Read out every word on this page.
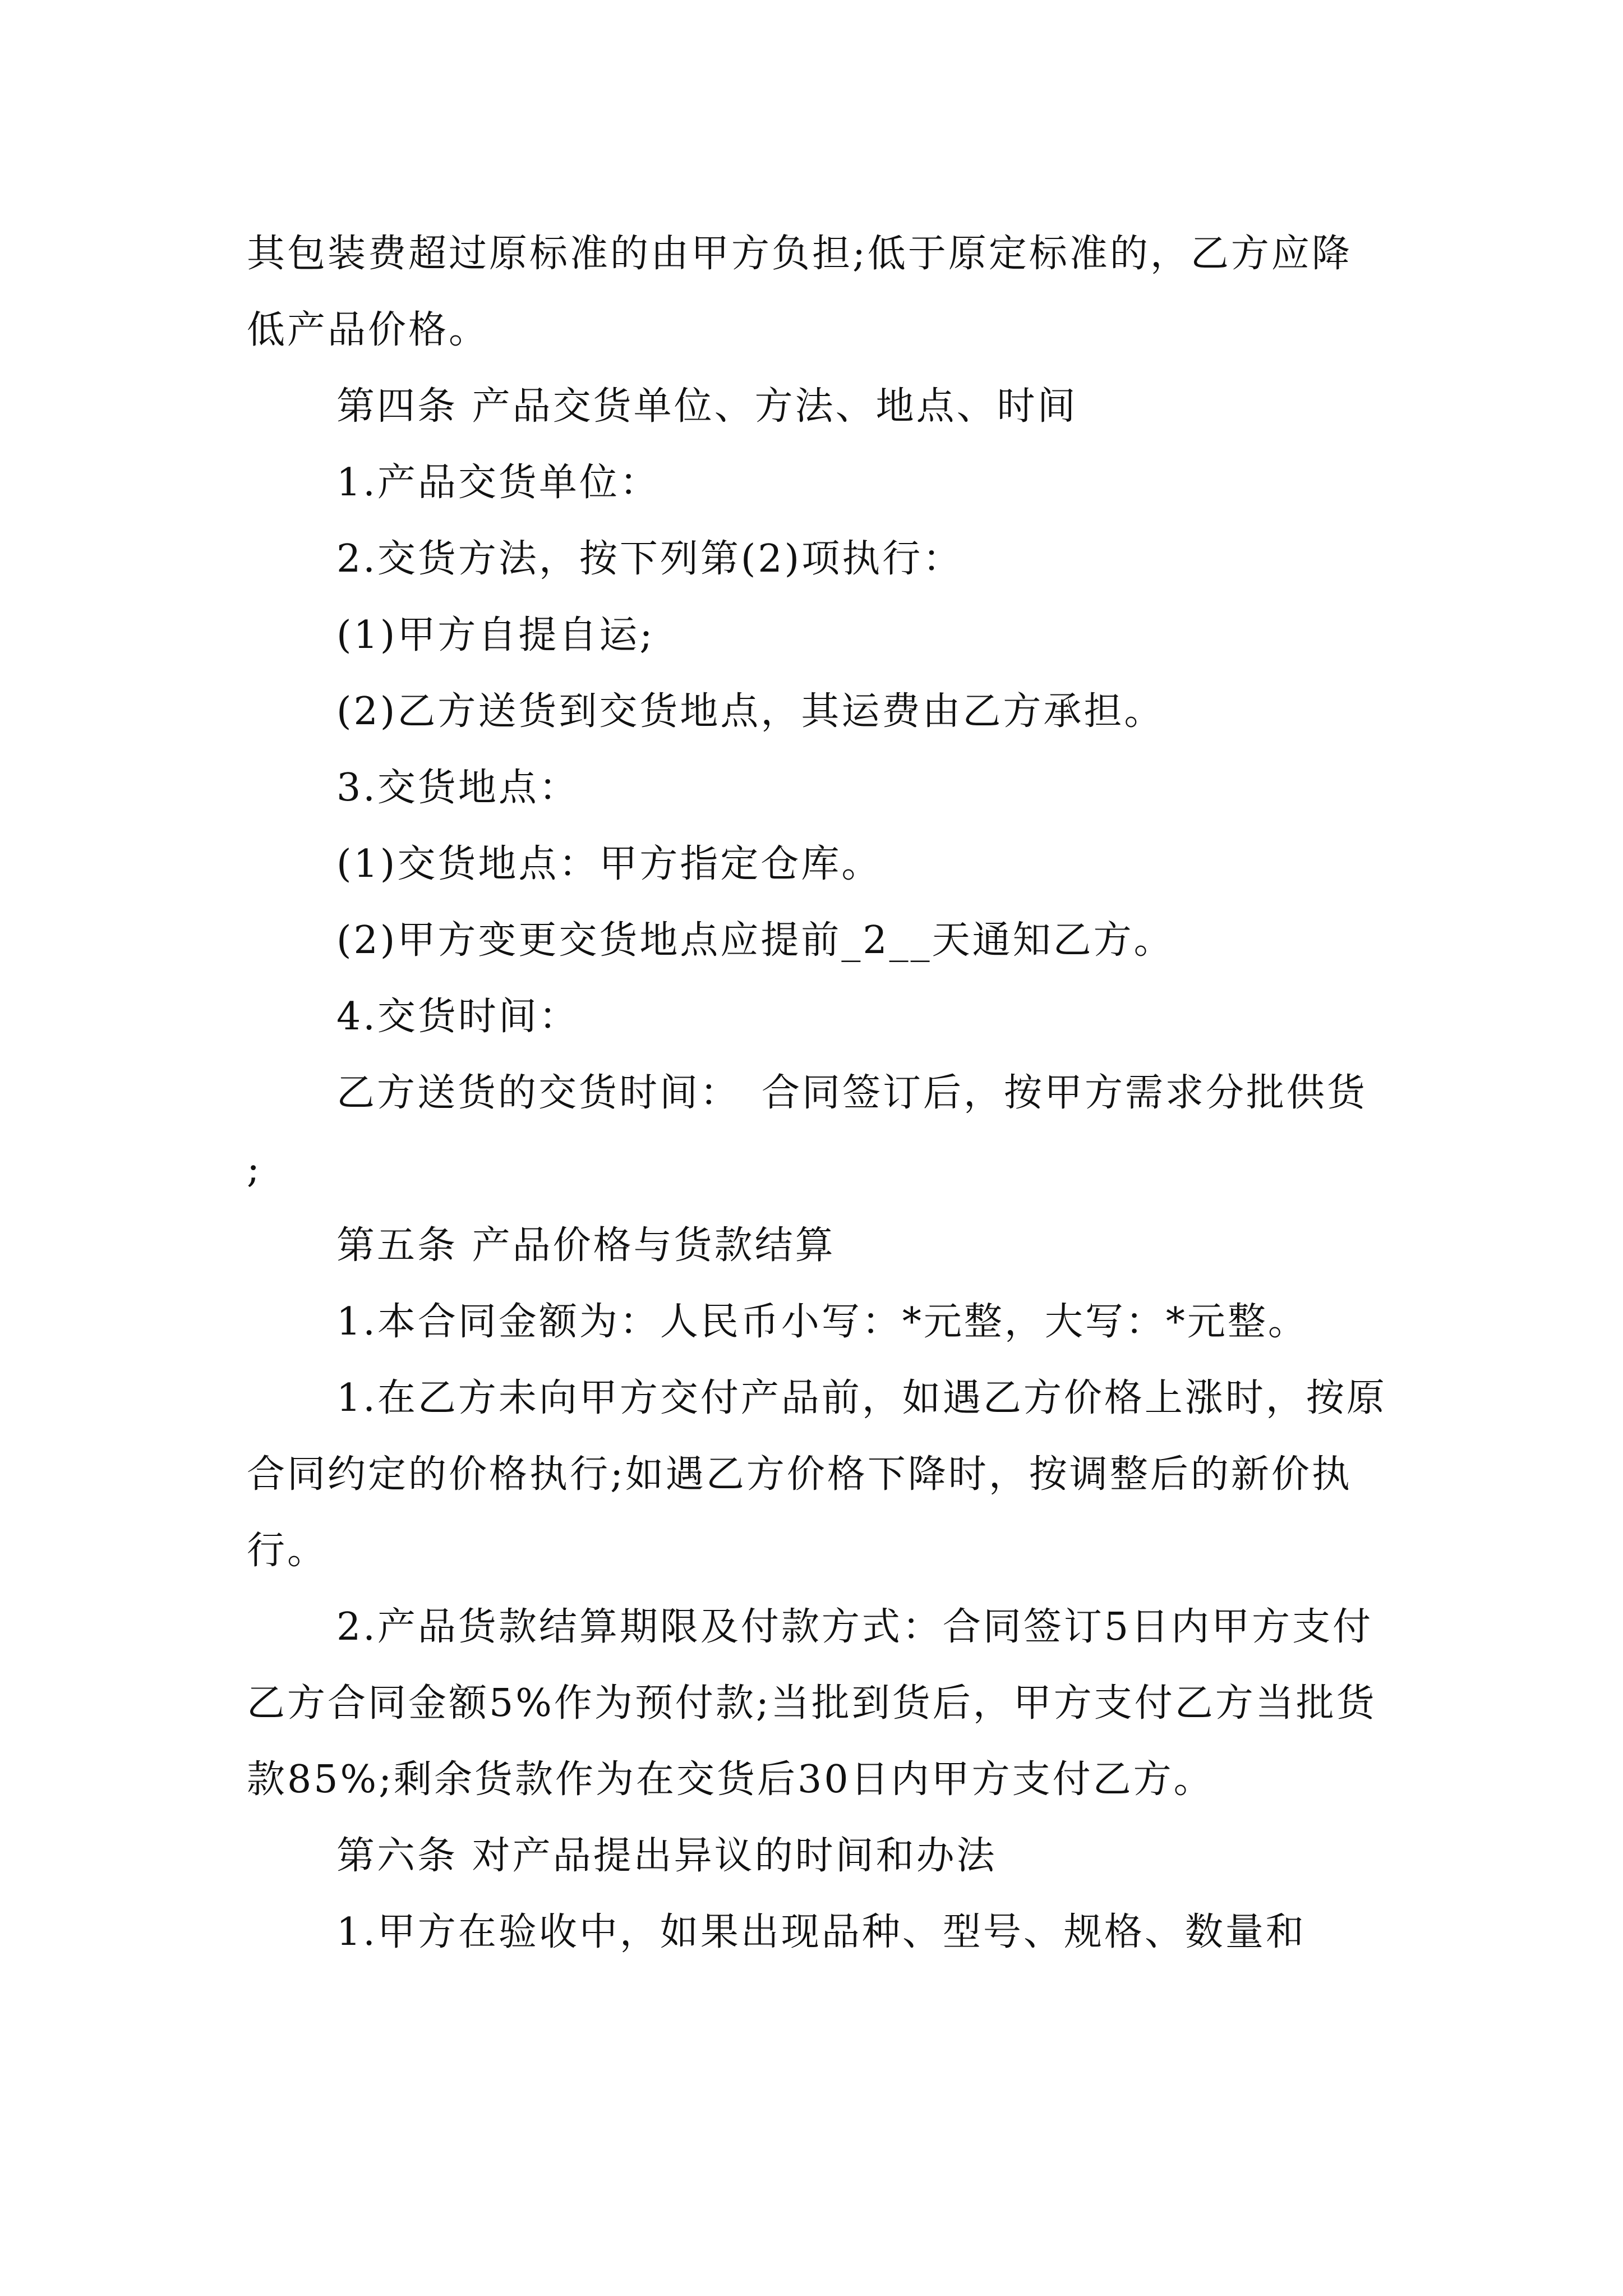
其包装费超过原标准的由甲方负担;低于原定标准的，乙方应降低产品价格。

第四条 产品交货单位、方法、地点、时间

1.产品交货单位：

2.交货方法，按下列第(2)项执行：

(1)甲方自提自运;

(2)乙方送货到交货地点，其运费由乙方承担。

3.交货地点：

(1)交货地点：甲方指定仓库。

(2)甲方变更交货地点应提前_2__天通知乙方。

4.交货时间：

乙方送货的交货时间：　合同签订后，按甲方需求分批供货 ;

第五条 产品价格与货款结算

1.本合同金额为：人民币小写：*元整，大写：*元整。

1.在乙方未向甲方交付产品前，如遇乙方价格上涨时，按原合同约定的价格执行;如遇乙方价格下降时，按调整后的新价执行。

2.产品货款结算期限及付款方式：合同签订5日内甲方支付乙方合同金额5%作为预付款;当批到货后，甲方支付乙方当批货款85%;剩余货款作为在交货后30日内甲方支付乙方。

第六条 对产品提出异议的时间和办法

1.甲方在验收中，如果出现品种、型号、规格、数量和
